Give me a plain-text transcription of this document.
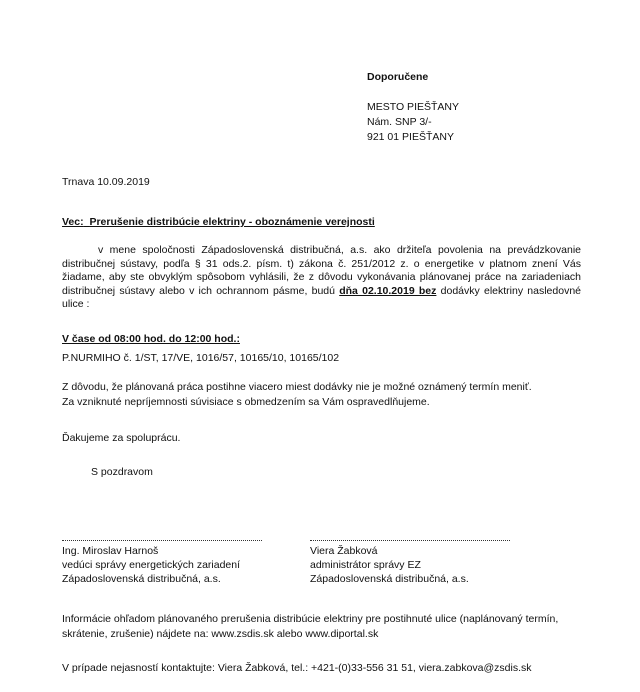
Doporučene
MESTO PIEŠŤANY
Nám. SNP 3/-
921 01 PIEŠŤANY
Trnava 10.09.2019
Vec: Prerušenie distribúcie elektriny - oboznámenie verejnosti
v mene spoločnosti Západoslovenská distribučná, a.s. ako držiteľa povolenia na prevádzkovanie distribučnej sústavy, podľa § 31 ods.2. písm. t) zákona č. 251/2012 z. o energetike v platnom znení Vás žiadame, aby ste obvyklým spôsobom vyhlásili, že z dôvodu vykonávania plánovanej práce na zariadeniach distribučnej sústavy alebo v ich ochrannom pásme, budú dňa 02.10.2019 bez dodávky elektriny nasledovné ulice :
V čase od 08:00 hod. do 12:00 hod.:
P.NURMIHO č. 1/ST, 17/VE, 1016/57, 10165/10, 10165/102
Z dôvodu, že plánovaná práca postihne viacero miest dodávky nie je možné oznámený termín meniť.
Za vzniknuté nepríjemnosti súvisiace s obmedzením sa Vám ospravedlňujeme.
Ďakujeme za spoluprácu.
S pozdravom
Ing. Miroslav Harnoš
vedúci správy energetických zariadení
Západoslovenská distribučná, a.s.
Viera Žabková
administrátor správy EZ
Západoslovenská distribučná, a.s.
Informácie ohľadom plánovaného prerušenia distribúcie elektriny pre postihnuté ulice (naplánovaný termín, skrátenie, zrušenie) nájdete na: www.zsdis.sk alebo www.diportal.sk
V prípade nejasností kontaktujte: Viera Žabková, tel.: +421-(0)33-556 31 51, viera.zabkova@zsdis.sk
